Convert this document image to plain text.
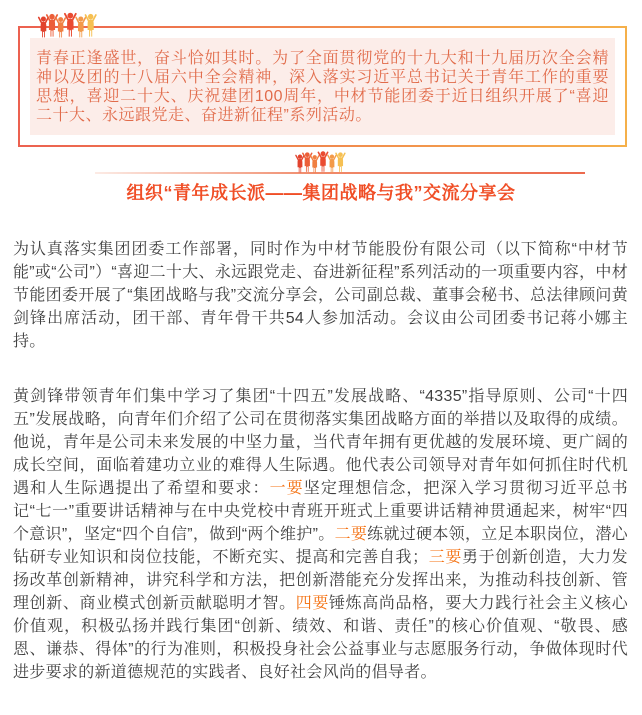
青春正逢盛世，奋斗恰如其时。为了全面贯彻党的十九大和十九届历次全会精神以及团的十八届六中全会精神，深入落实习近平总书记关于青年工作的重要思想，喜迎二十大、庆祝建团100周年，中材节能团委于近日组织开展了“喜迎二十大、永远跟党走、奋进新征程”系列活动。
组织“青年成长派——集团战略与我”交流分享会

为认真落实集团团委工作部署，同时作为中材节能股份有限公司（以下简称“中材节能”或“公司”）“喜迎二十大、永远跟党走、奋进新征程”系列活动的一项重要内容，中材节能团委开展了“集团战略与我”交流分享会，公司副总裁、董事会秘书、总法律顾问黄剑锋出席活动，团干部、青年骨干共54人参加活动。会议由公司团委书记蒋小娜主持。

黄剑锋带领青年们集中学习了集团“十四五”发展战略、“4335”指导原则、公司“十四五”发展战略，向青年们介绍了公司在贯彻落实集团战略方面的举措以及取得的成绩。他说，青年是公司未来发展的中坚力量，当代青年拥有更优越的发展环境、更广阔的成长空间，面临着建功立业的难得人生际遇。他代表公司领导对青年如何抓住时代机遇和人生际遇提出了希望和要求：一要坚定理想信念，把深入学习贯彻习近平总书记“七一”重要讲话精神与在中央党校中青班开班式上重要讲话精神贯通起来，树牢“四个意识”，坚定“四个自信”，做到“两个维护”。二要练就过硬本领，立足本职岗位，潜心钻研专业知识和岗位技能，不断充实、提高和完善自我；三要勇于创新创造，大力发扬改革创新精神，讲究科学和方法，把创新潜能充分发挥出来，为推动科技创新、管理创新、商业模式创新贡献聪明才智。四要锤炼高尚品格，要大力践行社会主义核心价值观，积极弘扬并践行集团“创新、绩效、和谐、责任”的核心价值观、“敬畏、感恩、谦恭、得体”的行为准则，积极投身社会公益事业与志愿服务行动，争做体现时代进步要求的新道德规范的实践者、良好社会风尚的倡导者。
